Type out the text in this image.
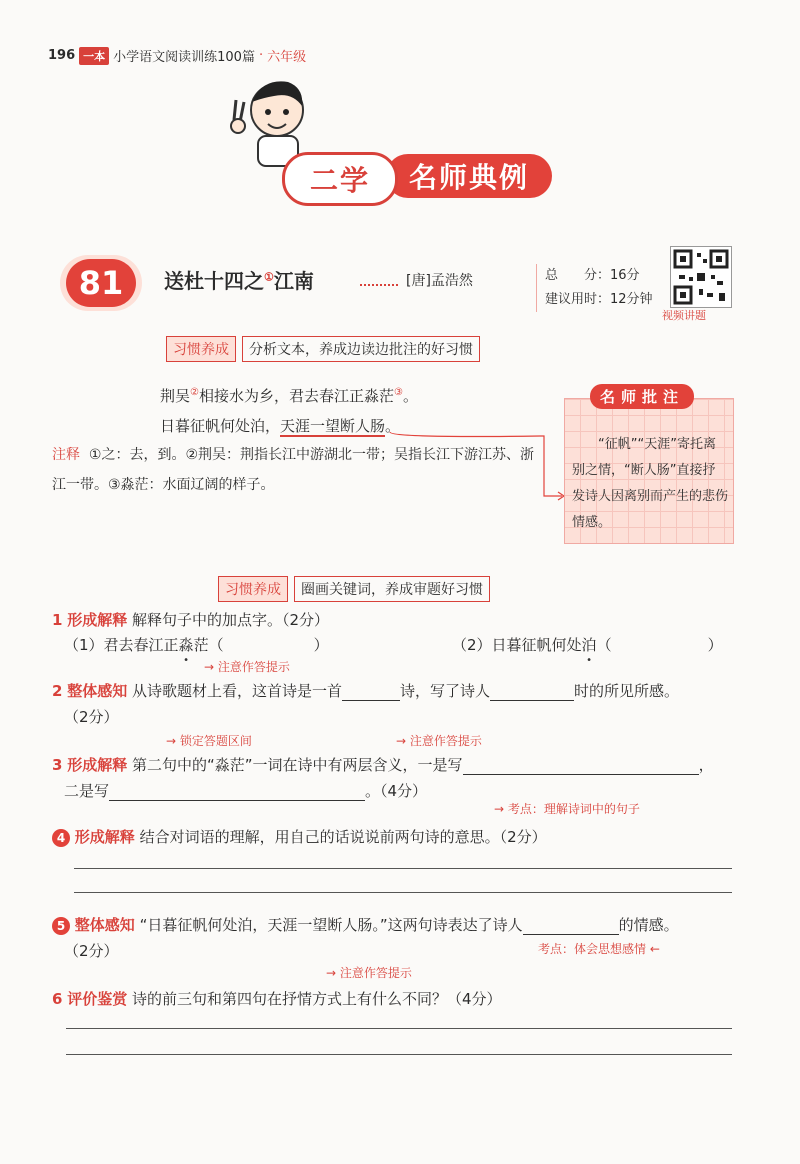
196 一本 小学语文阅读训练100篇 · 六年级
名师典例
二学
81	送杜十四之①江南	[唐]孟浩然	总　　分：16分
建议用时：12分钟
视频讲题
习惯养成	分析文本，养成边读边批注的好习惯
荆吴②相接水为乡，君去春江正淼茫③。
日暮征帆何处泊，天涯一望断人肠。
注释 ①之：去，到。②荆吴：荆指长江中游湖北一带；吴指长江下游江苏、浙江一带。③淼茫：水面辽阔的样子。
名师批注
“征帆”“天涯”寄托离别之情，“断人肠”直接抒发诗人因离别而产生的悲伤情感。
习惯养成	圈画关键词，养成审题好习惯
1 形成解释 解释句子中的加点字。（2分）
（1）君去春江正淼茫（	）	（2）日暮征帆何处泊（	）
→ 注意作答提示
2 整体感知 从诗歌题材上看，这首诗是一首	诗，写了诗人	时的所见所感。
（2分）
→ 锁定答题区间	→ 注意作答提示
3 形成解释 第二句中的“淼茫”一词在诗中有两层含义，一是写	，
二是写	。（4分）
→ 考点：理解诗词中的句子
4 形成解释 结合对词语的理解，用自己的话说说前两句诗的意思。（2分）
5 整体感知 “日暮征帆何处泊，天涯一望断人肠。”这两句诗表达了诗人	的情感。
（2分）	考点：体会思想感情 ←
→ 注意作答提示
6 评价鉴赏 诗的前三句和第四句在抒情方式上有什么不同？（4分）
